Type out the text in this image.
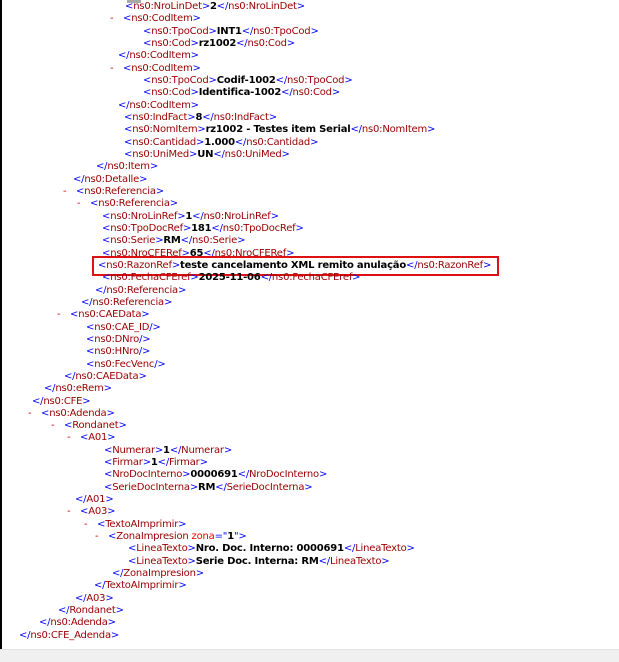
<ns0:NroLinDet>2</ns0:NroLinDet>
- <ns0:CodItem>
<ns0:TpoCod>INT1</ns0:TpoCod>
<ns0:Cod>rz1002</ns0:Cod>
</ns0:CodItem>
- <ns0:CodItem>
<ns0:TpoCod>Codif-1002</ns0:TpoCod>
<ns0:Cod>Identifica-1002</ns0:Cod>
</ns0:CodItem>
<ns0:IndFact>8</ns0:IndFact>
<ns0:NomItem>rz1002 - Testes item Serial</ns0:NomItem>
<ns0:Cantidad>1.000</ns0:Cantidad>
<ns0:UniMed>UN</ns0:UniMed>
</ns0:Item>
</ns0:Detalle>
- <ns0:Referencia>
- <ns0:Referencia>
<ns0:NroLinRef>1</ns0:NroLinRef>
<ns0:TpoDocRef>181</ns0:TpoDocRef>
<ns0:Serie>RM</ns0:Serie>
<ns0:NroCFERef>65</ns0:NroCFERef>
<ns0:RazonRef>teste cancelamento XML remito anulação</ns0:RazonRef>
<ns0:FechaCFEref>2025-11-06</ns0:FechaCFEref>
</ns0:Referencia>
</ns0:Referencia>
- <ns0:CAEData>
<ns0:CAE_ID/>
<ns0:DNro/>
<ns0:HNro/>
<ns0:FecVenc/>
</ns0:CAEData>
</ns0:eRem>
</ns0:CFE>
- <ns0:Adenda>
- <Rondanet>
- <A01>
<Numerar>1</Numerar>
<Firmar>1</Firmar>
<NroDocInterno>0000691</NroDocInterno>
<SerieDocInterna>RM</SerieDocInterna>
</A01>
- <A03>
- <TextoAImprimir>
- <ZonaImpresion zona="1">
<LineaTexto>Nro. Doc. Interno: 0000691</LineaTexto>
<LineaTexto>Serie Doc. Interna: RM</LineaTexto>
</ZonaImpresion>
</TextoAImprimir>
</A03>
</Rondanet>
</ns0:Adenda>
</ns0:CFE_Adenda>
